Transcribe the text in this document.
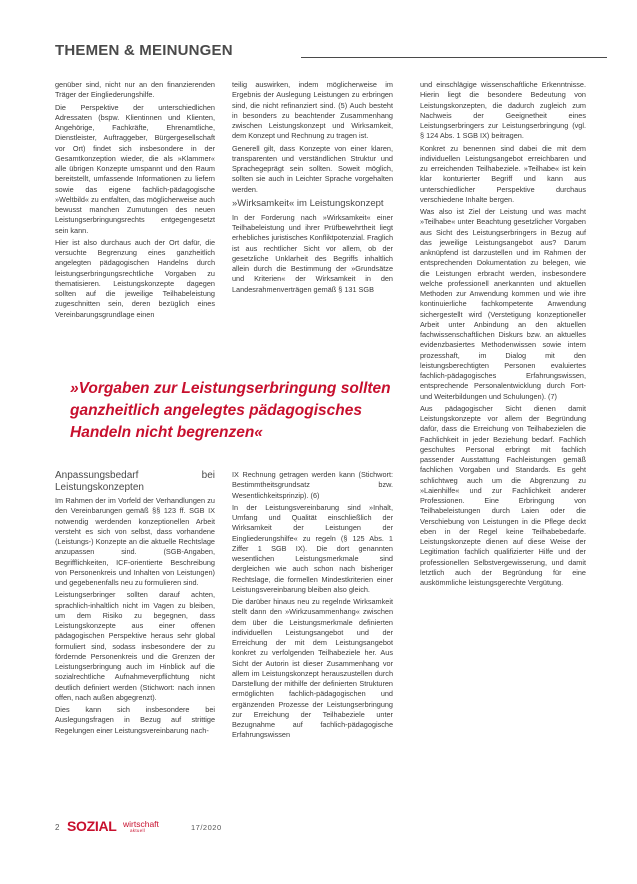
THEMEN & MEINUNGEN

genüber sind, nicht nur an den finanzierenden Träger der Eingliederungshilfe.

Die Perspektive der unterschiedlichen Adressaten (bspw. Klientinnen und Klienten, Angehörige, Fachkräfte, Ehrenamtliche, Dienstleister, Auftraggeber, Bürgergesellschaft vor Ort) findet sich insbesondere in der Gesamtkonzeption wieder, die als »Klammer« alle übrigen Konzepte umspannt und den Raum bereitstellt, umfassende Informationen zu liefern sowie das eigene fachlich-pädagogische »Weltbild« zu entfalten, das möglicherweise auch bewusst manchen Zumutungen des neuen Leistungserbringungsrechts entgegengesetzt sein kann.

Hier ist also durchaus auch der Ort dafür, die versuchte Begrenzung eines ganzheitlich angelegten pädagogischen Handelns durch leistungserbringungsrechtliche Vorgaben zu thematisieren. Leistungskonzepte dagegen sollten auf die jeweilige Teilhabeleistung zugeschnitten sein, deren bezüglich eines Vereinbarungsgrundlage einen

teilig auswirken, indem möglicherweise im Ergebnis der Auslegung Leistungen zu erbringen sind, die nicht refinanziert sind. (5) Auch besteht in besonders zu beachtender Zusammenhang zwischen Leistungskonzept und Wirksamkeit, dem Konzept und Rechnung zu tragen ist.

Generell gilt, dass Konzepte von einer klaren, transparenten und verständlichen Struktur und Sprachegeprägt sein sollten. Soweit möglich, sollten sie auch in Leichter Sprache vorgehalten werden.

»Wirksamkeit« im Leistungskonzept

In der Forderung nach »Wirksamkeit« einer Teilhabeleistung und ihrer Prüfbewehrtheit liegt erhebliches juristisches Konfliktpotenzial. Fraglich ist aus rechtlicher Sicht vor allem, ob der gesetzliche Unklarheit des Begriffs inhaltlich allein durch die Bestimmung der »Grundsätze und Kriterien« der Wirksamkeit in den Landesrahmenverträgen gemäß § 131 SGB

»Vorgaben zur Leistungserbringung sollten ganzheitlich angelegtes pädagogisches Handeln nicht begrenzen«
Anpassungsbedarf bei Leistungskonzepten

Im Rahmen der im Vorfeld der Verhandlungen zu den Vereinbarungen gemäß §§ 123 ff. SGB IX notwendig werdenden konzeptionellen Arbeit versteht es sich von selbst, dass vorhandene (Leistungs-) Konzepte an die aktuelle Rechtslage anzupassen sind. (SGB-Angaben, Begrifflichkeiten, ICF-orientierte Beschreibung von Personenkreis und Inhalten von Leistungen) und gegebenenfalls neu zu formulieren sind.

Leistungserbringer sollten darauf achten, sprachlich-inhaltlich nicht im Vagen zu bleiben, um dem Risiko zu begegnen, dass Leistungskonzepte aus einer offenen pädagogischen Perspektive heraus sehr global formuliert sind, sodass insbesondere der zu fördernde Personenkreis und die Grenzen der Leistungserbringung auch im Hinblick auf die sozialrechtliche Aufnahmeverpflichtung nicht deutlich definiert werden (Stichwort: nach innen offen, nach außen abgegrenzt).

Dies kann sich insbesondere bei Auslegungsfragen in Bezug auf strittige Regelungen einer Leistungsvereinbarung nach-

IX Rechnung getragen werden kann (Stichwort: Bestimmtheitsgrundsatz bzw. Wesentlichkeitsprinzip). (6)

In der Leistungsvereinbarung sind »Inhalt, Umfang und Qualität einschließlich der Wirksamkeit der Leistungen der Eingliederungshilfe« zu regeln (§ 125 Abs. 1 Ziffer 1 SGB IX). Die dort genannten wesentlichen Leistungsmerkmale sind dergleichen wie auch schon nach bisheriger Rechtslage, die formellen Mindestkriterien einer Leistungsvereinbarung bleiben also gleich.

Die darüber hinaus neu zu regelnde Wirksamkeit stellt dann den »Wirkzusammenhang« zwischen dem über die Leistungsmerkmale definierten individuellen Leistungsangebot und der Erreichung der mit dem Leistungsangebot konkret zu verfolgenden Teilhabeziele her. Aus Sicht der Autorin ist dieser Zusammenhang vor allem im Leistungskonzept herauszustellen durch Darstellung der mithilfe der definierten Strukturen ermöglichten fachlich-pädagogischen und ergänzenden Prozesse der Leistungserbringung zur Erreichung der Teilhabeziele unter Bezugnahme auf fachlich-pädagogische Erfahrungswissen

und einschlägige wissenschaftliche Erkenntnisse. Hierin liegt die besondere Bedeutung von Leistungskonzepten, die dadurch zugleich zum Nachweis der Geeignetheit eines Leistungserbringers zur Leistungserbringung (vgl. § 124 Abs. 1 SGB IX) beitragen.

Konkret zu benennen sind dabei die mit dem individuellen Leistungsangebot erreichbaren und zu erreichenden Teilhabeziele. »Teilhabe« ist kein klar konturierter Begriff und kann aus unterschiedlicher Perspektive durchaus verschiedene Inhalte bergen.

Was also ist Ziel der Leistung und was macht »Teilhabe« unter Beachtung gesetzlicher Vorgaben aus Sicht des Leistungserbringers in Bezug auf das jeweilige Leistungsangebot aus? Darum anknüpfend ist darzustellen und im Rahmen der entsprechenden Dokumentation zu belegen, wie die Leistungen erbracht werden, insbesondere welche professionell anerkannten und aktuellen Methoden zur Anwendung kommen und wie ihre kontinuierliche fachkompetente Anwendung sichergestellt wird (Verstetigung konzeptioneller Arbeit unter Anbindung an den aktuellen fachwissenschaftlichen Diskurs bzw. an aktuelles evidenzbasiertes Methodenwissen sowie intern prozesshaft, im Dialog mit den leistungsberechtigten Personen evaluiertes fachlich-pädagogisches Erfahrungswissen, entsprechende Personalentwicklung durch Fort- und Weiterbildungen und Schulungen). (7)

Aus pädagogischer Sicht dienen damit Leistungskonzepte vor allem der Begründung dafür, dass die Erreichung von Teilhabezielen die Fachlichkeit in jeder Beziehung bedarf. Fachlich geschultes Personal erbringt mit fachlich passender Ausstattung Fachleistungen gemäß fachlichen Vorgaben und Standards. Es geht schlichtweg auch um die Abgrenzung zu »Laienhilfe« und zur Fachlichkeit anderer Professionen. Eine Erbringung von Teilhabeleistungen durch Laien oder die Verschiebung von Leistungen in die Pflege deckt eben in der Regel keine Teilhabebedarfe. Leistungskonzepte dienen auf diese Weise der Legitimation fachlich qualifizierter Hilfe und der professionellen Selbstvergewisserung, und damit letztlich auch der Begründung für eine auskömmliche leistungsgerechte Vergütung.

2 SOZIAL wirtschaft
aktuell	17/2020
